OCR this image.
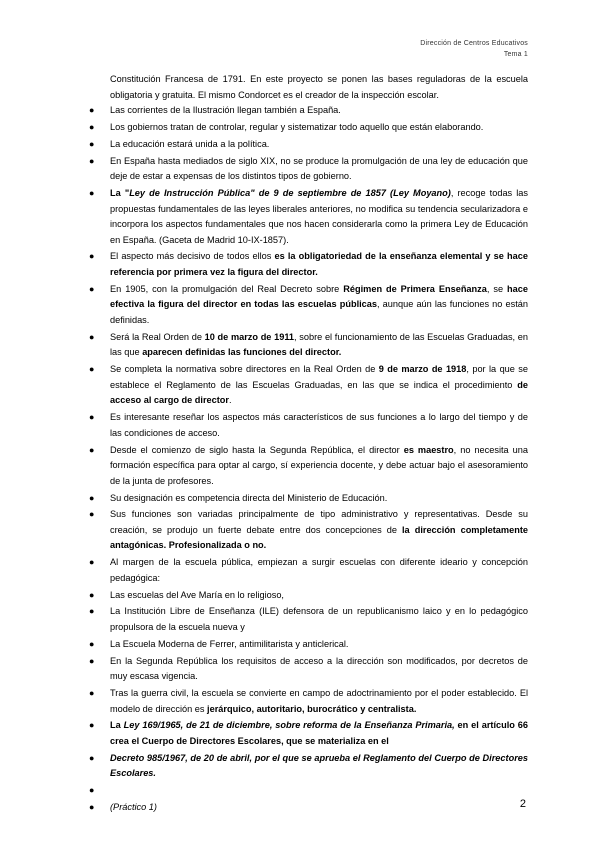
Dirección de Centros Educativos
Tema 1

Constitución Francesa de 1791. En este proyecto se ponen las bases reguladoras de la escuela obligatoria y gratuita. El mismo Condorcet es el creador de la inspección escolar.

● Las corrientes de la Ilustración llegan también a España.
● Los gobiernos tratan de controlar, regular y sistematizar todo aquello que están elaborando.
● La educación estará unida a la política.
● En España hasta mediados de siglo XIX, no se produce la promulgación de una ley de educación que deje de estar a expensas de los distintos tipos de gobierno.
● La "Ley de Instrucción Pública" de 9 de septiembre de 1857 (Ley Moyano), recoge todas las propuestas fundamentales de las leyes liberales anteriores, no modifica su tendencia secularizadora e incorpora los aspectos fundamentales que nos hacen considerarla como la primera Ley de Educación en España. (Gaceta de Madrid 10-IX-1857).
● El aspecto más decisivo de todos ellos es la obligatoriedad de la enseñanza elemental y se hace referencia por primera vez la figura del director.
● En 1905, con la promulgación del Real Decreto sobre Régimen de Primera Enseñanza, se hace efectiva la figura del director en todas las escuelas públicas, aunque aún las funciones no están definidas.
● Será la Real Orden de 10 de marzo de 1911, sobre el funcionamiento de las Escuelas Graduadas, en las que aparecen definidas las funciones del director.
● Se completa la normativa sobre directores en la Real Orden de 9 de marzo de 1918, por la que se establece el Reglamento de las Escuelas Graduadas, en las que se indica el procedimiento de acceso al cargo de director.
● Es interesante reseñar los aspectos más característicos de sus funciones a lo largo del tiempo y de las condiciones de acceso.
● Desde el comienzo de siglo hasta la Segunda República, el director es maestro, no necesita una formación específica para optar al cargo, sí experiencia docente, y debe actuar bajo el asesoramiento de la junta de profesores.
● Su designación es competencia directa del Ministerio de Educación.
● Sus funciones son variadas principalmente de tipo administrativo y representativas. Desde su creación, se produjo un fuerte debate entre dos concepciones de la dirección completamente antagónicas. Profesionalizada o no.
● Al margen de la escuela pública, empiezan a surgir escuelas con diferente ideario y concepción pedagógica:
● Las escuelas del Ave María en lo religioso,
● La Institución Libre de Enseñanza (ILE) defensora de un republicanismo laico y en lo pedagógico propulsora de la escuela nueva y
● La Escuela Moderna de Ferrer, antimilitarista y anticlerical.
● En la Segunda República los requisitos de acceso a la dirección son modificados, por decretos de muy escasa vigencia.
● Tras la guerra civil, la escuela se convierte en campo de adoctrinamiento por el poder establecido. El modelo de dirección es jerárquico, autoritario, burocrático y centralista.
● La Ley 169/1965, de 21 de diciembre, sobre reforma de la Enseñanza Primaria, en el artículo 66 crea el Cuerpo de Directores Escolares, que se materializa en el
● Decreto 985/1967, de 20 de abril, por el que se aprueba el Reglamento del Cuerpo de Directores Escolares.
●

● (Práctico 1)	2
